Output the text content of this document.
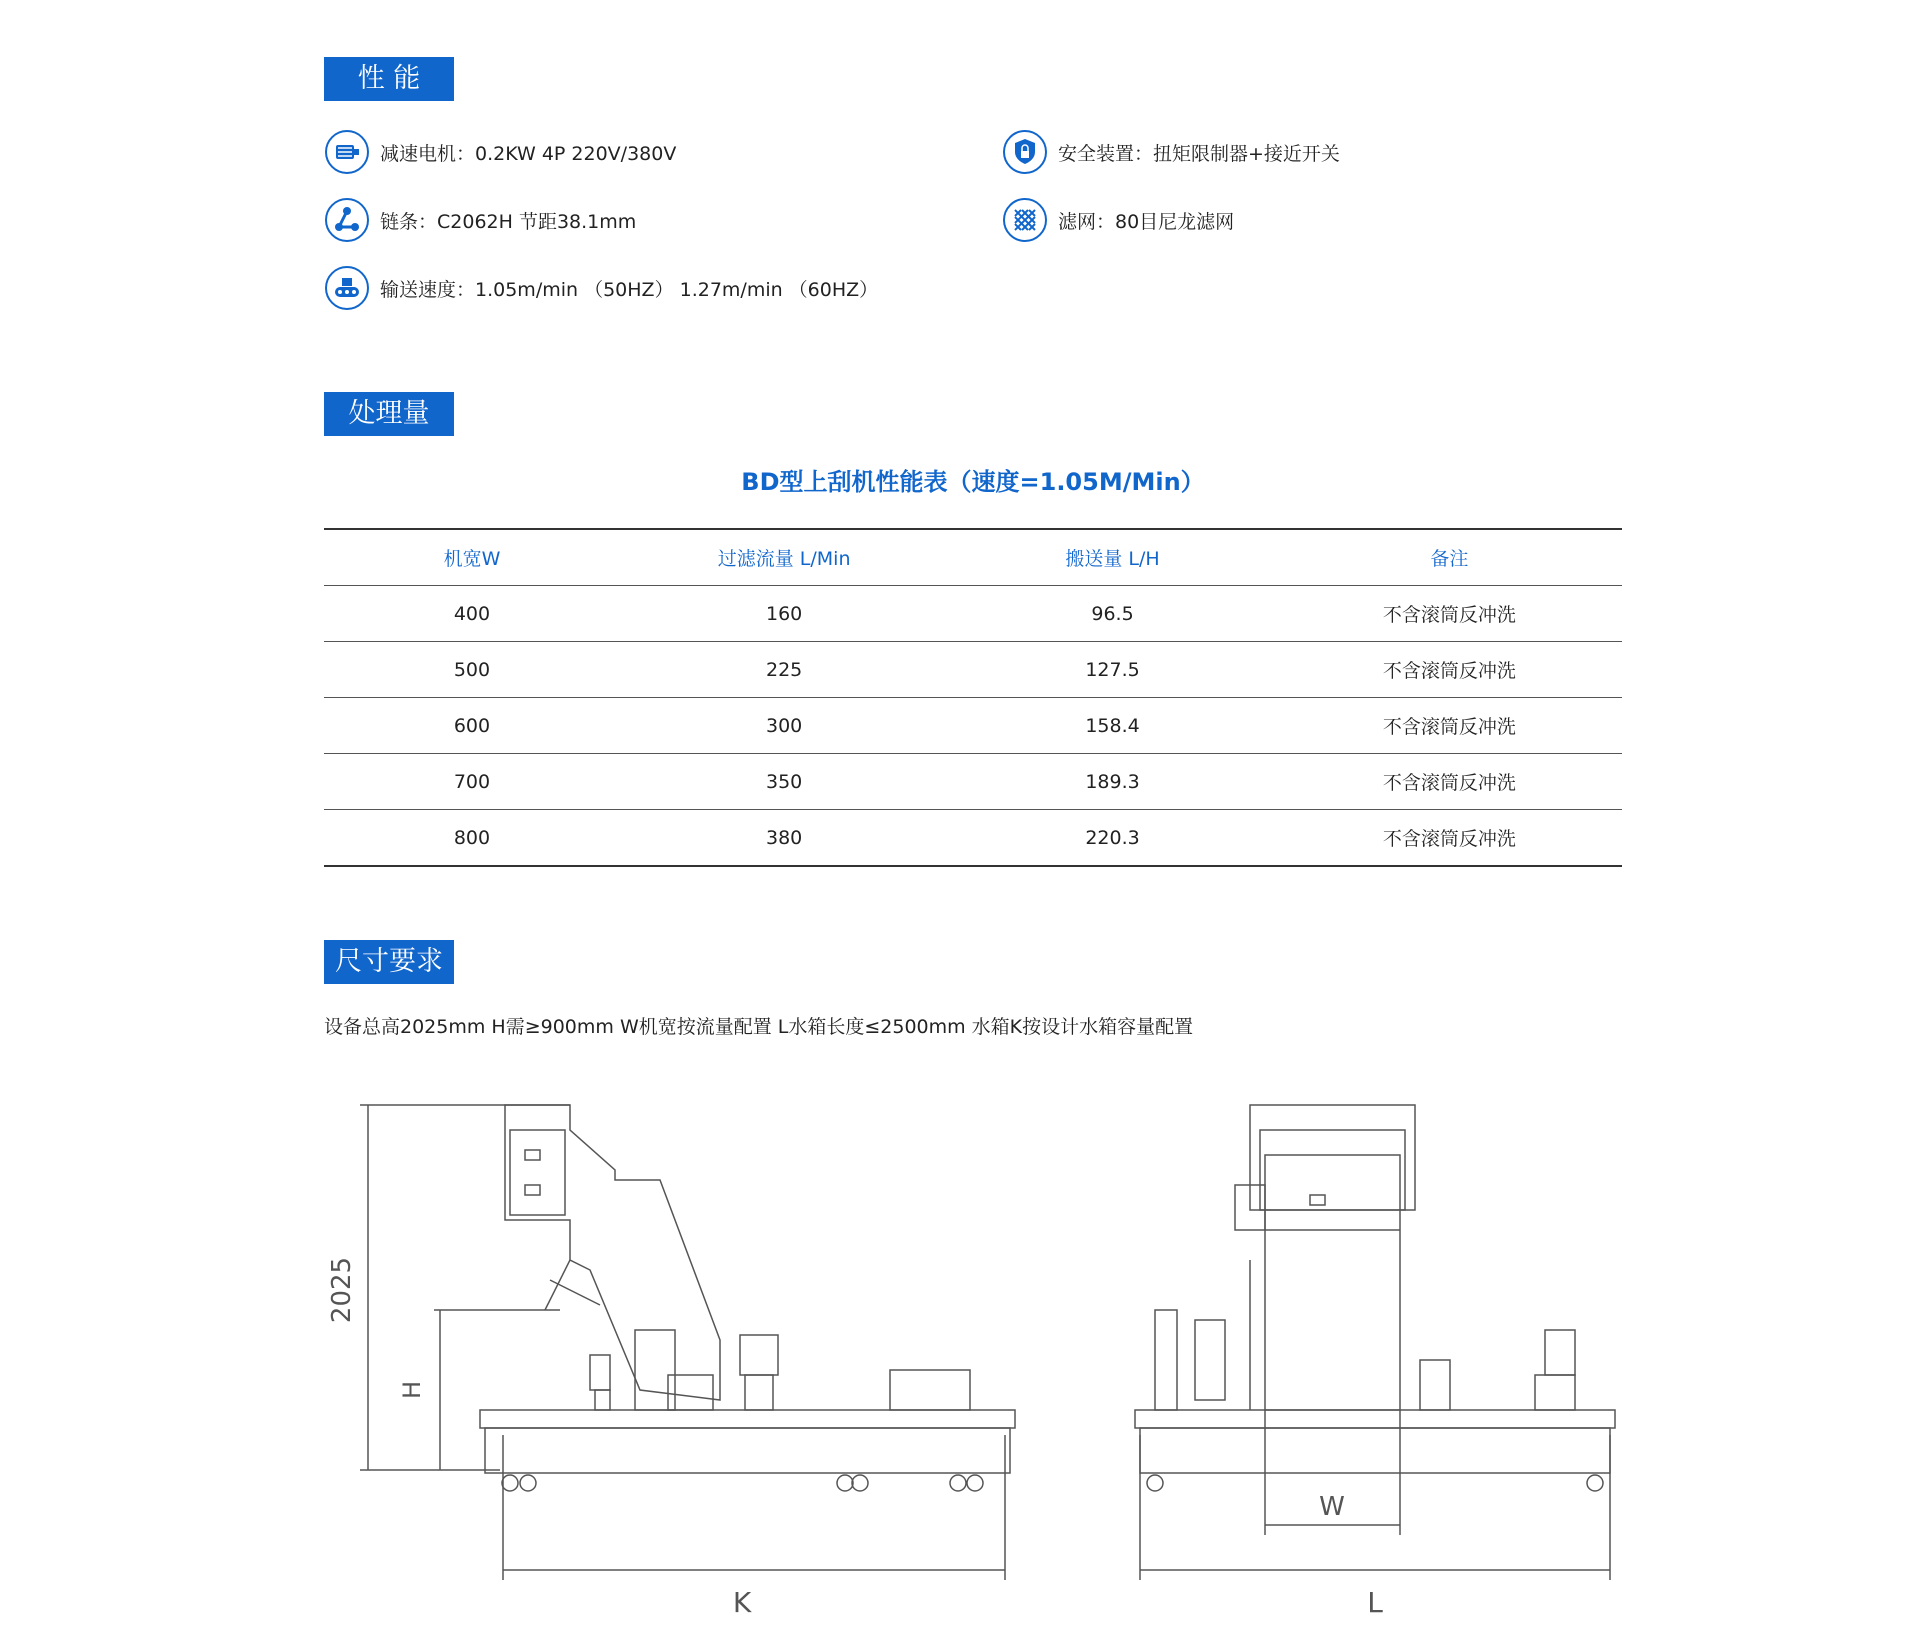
性 能
处理量
尺寸要求
减速电机：0.2KW 4P 220V/380V
链条：C2062H 节距38.1mm
输送速度：1.05m/min （50HZ） 1.27m/min （60HZ）
安全装置：扭矩限制器+接近开关
滤网：80目尼龙滤网
BD型上刮机性能表（速度=1.05M/Min）
机宽W	过滤流量 L/Min	搬送量 L/H	备注
400	160	96.5	不含滚筒反冲洗
500	225	127.5	不含滚筒反冲洗
600	300	158.4	不含滚筒反冲洗
700	350	189.3	不含滚筒反冲洗
800	380	220.3	不含滚筒反冲洗
设备总高2025mm H需≥900mm W机宽按流量配置 L水箱长度≤2500mm 水箱K按设计水箱容量配置
2025
H
K
W
L
